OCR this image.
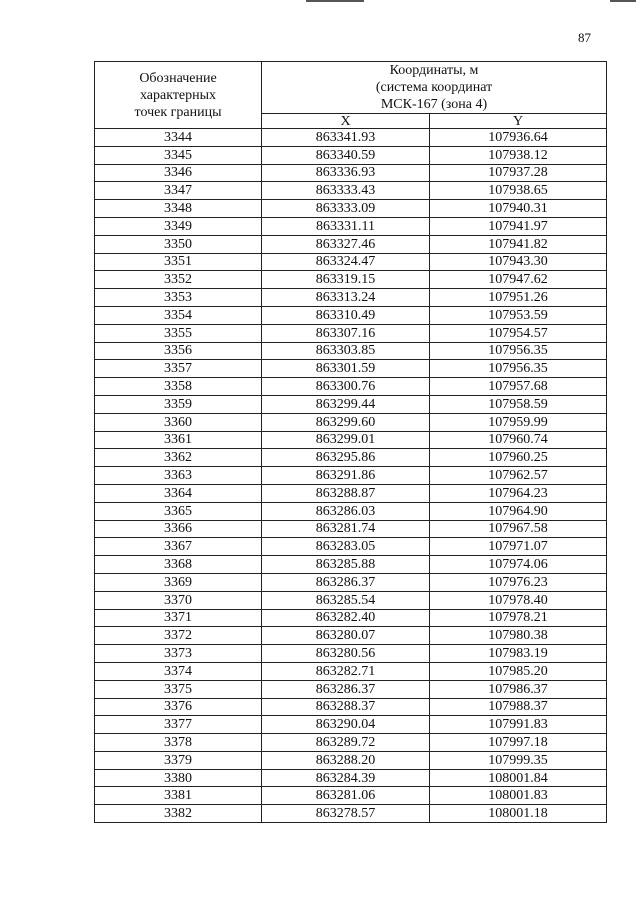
87
Обозначение
характерных
точек границы	Координаты, м
(система координат
МСК-167 (зона 4)	

	X	Y
3344	863341.93	107936.64
3345	863340.59	107938.12
3346	863336.93	107937.28
3347	863333.43	107938.65
3348	863333.09	107940.31
3349	863331.11	107941.97
3350	863327.46	107941.82
3351	863324.47	107943.30
3352	863319.15	107947.62
3353	863313.24	107951.26
3354	863310.49	107953.59
3355	863307.16	107954.57
3356	863303.85	107956.35
3357	863301.59	107956.35
3358	863300.76	107957.68
3359	863299.44	107958.59
3360	863299.60	107959.99
3361	863299.01	107960.74
3362	863295.86	107960.25
3363	863291.86	107962.57
3364	863288.87	107964.23
3365	863286.03	107964.90
3366	863281.74	107967.58
3367	863283.05	107971.07
3368	863285.88	107974.06
3369	863286.37	107976.23
3370	863285.54	107978.40
3371	863282.40	107978.21
3372	863280.07	107980.38
3373	863280.56	107983.19
3374	863282.71	107985.20
3375	863286.37	107986.37
3376	863288.37	107988.37
3377	863290.04	107991.83
3378	863289.72	107997.18
3379	863288.20	107999.35
3380	863284.39	108001.84
3381	863281.06	108001.83
3382	863278.57	108001.18
